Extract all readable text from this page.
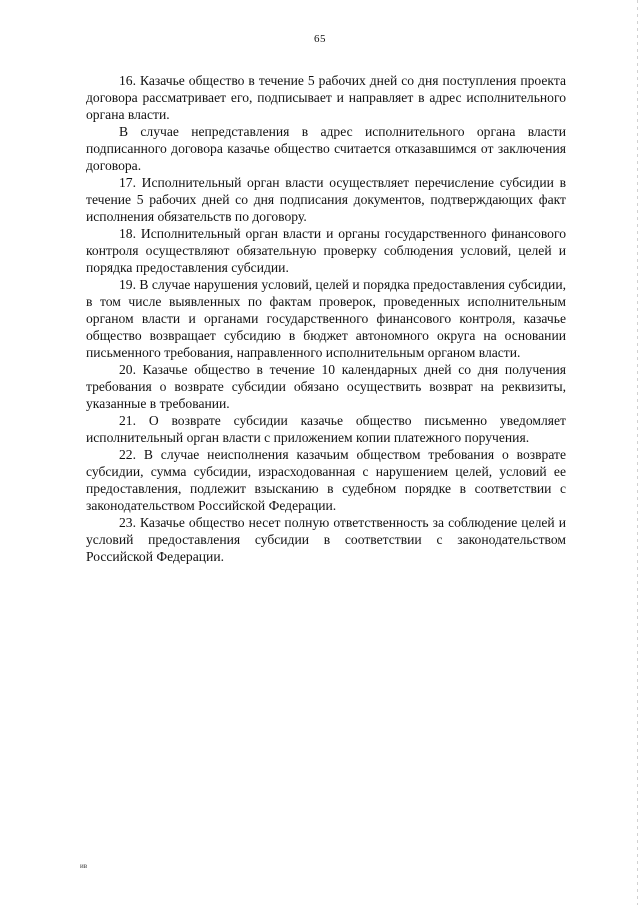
65

16. Казачье общество в течение 5 рабочих дней со дня поступления проекта договора рассматривает его, подписывает и направляет в адрес исполнительного органа власти.

В случае непредставления в адрес исполнительного органа власти подписанного договора казачье общество считается отказавшимся от заключения договора.

17. Исполнительный орган власти осуществляет перечисление субсидии в течение 5 рабочих дней со дня подписания документов, подтверждающих факт исполнения обязательств по договору.

18. Исполнительный орган власти и органы государственного финансового контроля осуществляют обязательную проверку соблюдения условий, целей и порядка предоставления субсидии.

19. В случае нарушения условий, целей и порядка предоставления субсидии, в том числе выявленных по фактам проверок, проведенных исполнительным органом власти и органами государственного финансового контроля, казачье общество возвращает субсидию в бюджет автономного округа на основании письменного требования, направленного исполнительным органом власти.

20. Казачье общество в течение 10 календарных дней со дня получения требования о возврате субсидии обязано осуществить возврат на реквизиты, указанные в требовании.

21. О возврате субсидии казачье общество письменно уведомляет исполнительный орган власти с приложением копии платежного поручения.

22. В случае неисполнения казачьим обществом требования о возврате субсидии, сумма субсидии, израсходованная с нарушением целей, условий ее предоставления, подлежит взысканию в судебном порядке в соответствии с законодательством Российской Федерации.

23. Казачье общество несет полную ответственность за соблюдение целей и условий предоставления субсидии в соответствии с законодательством Российской Федерации.

ив
